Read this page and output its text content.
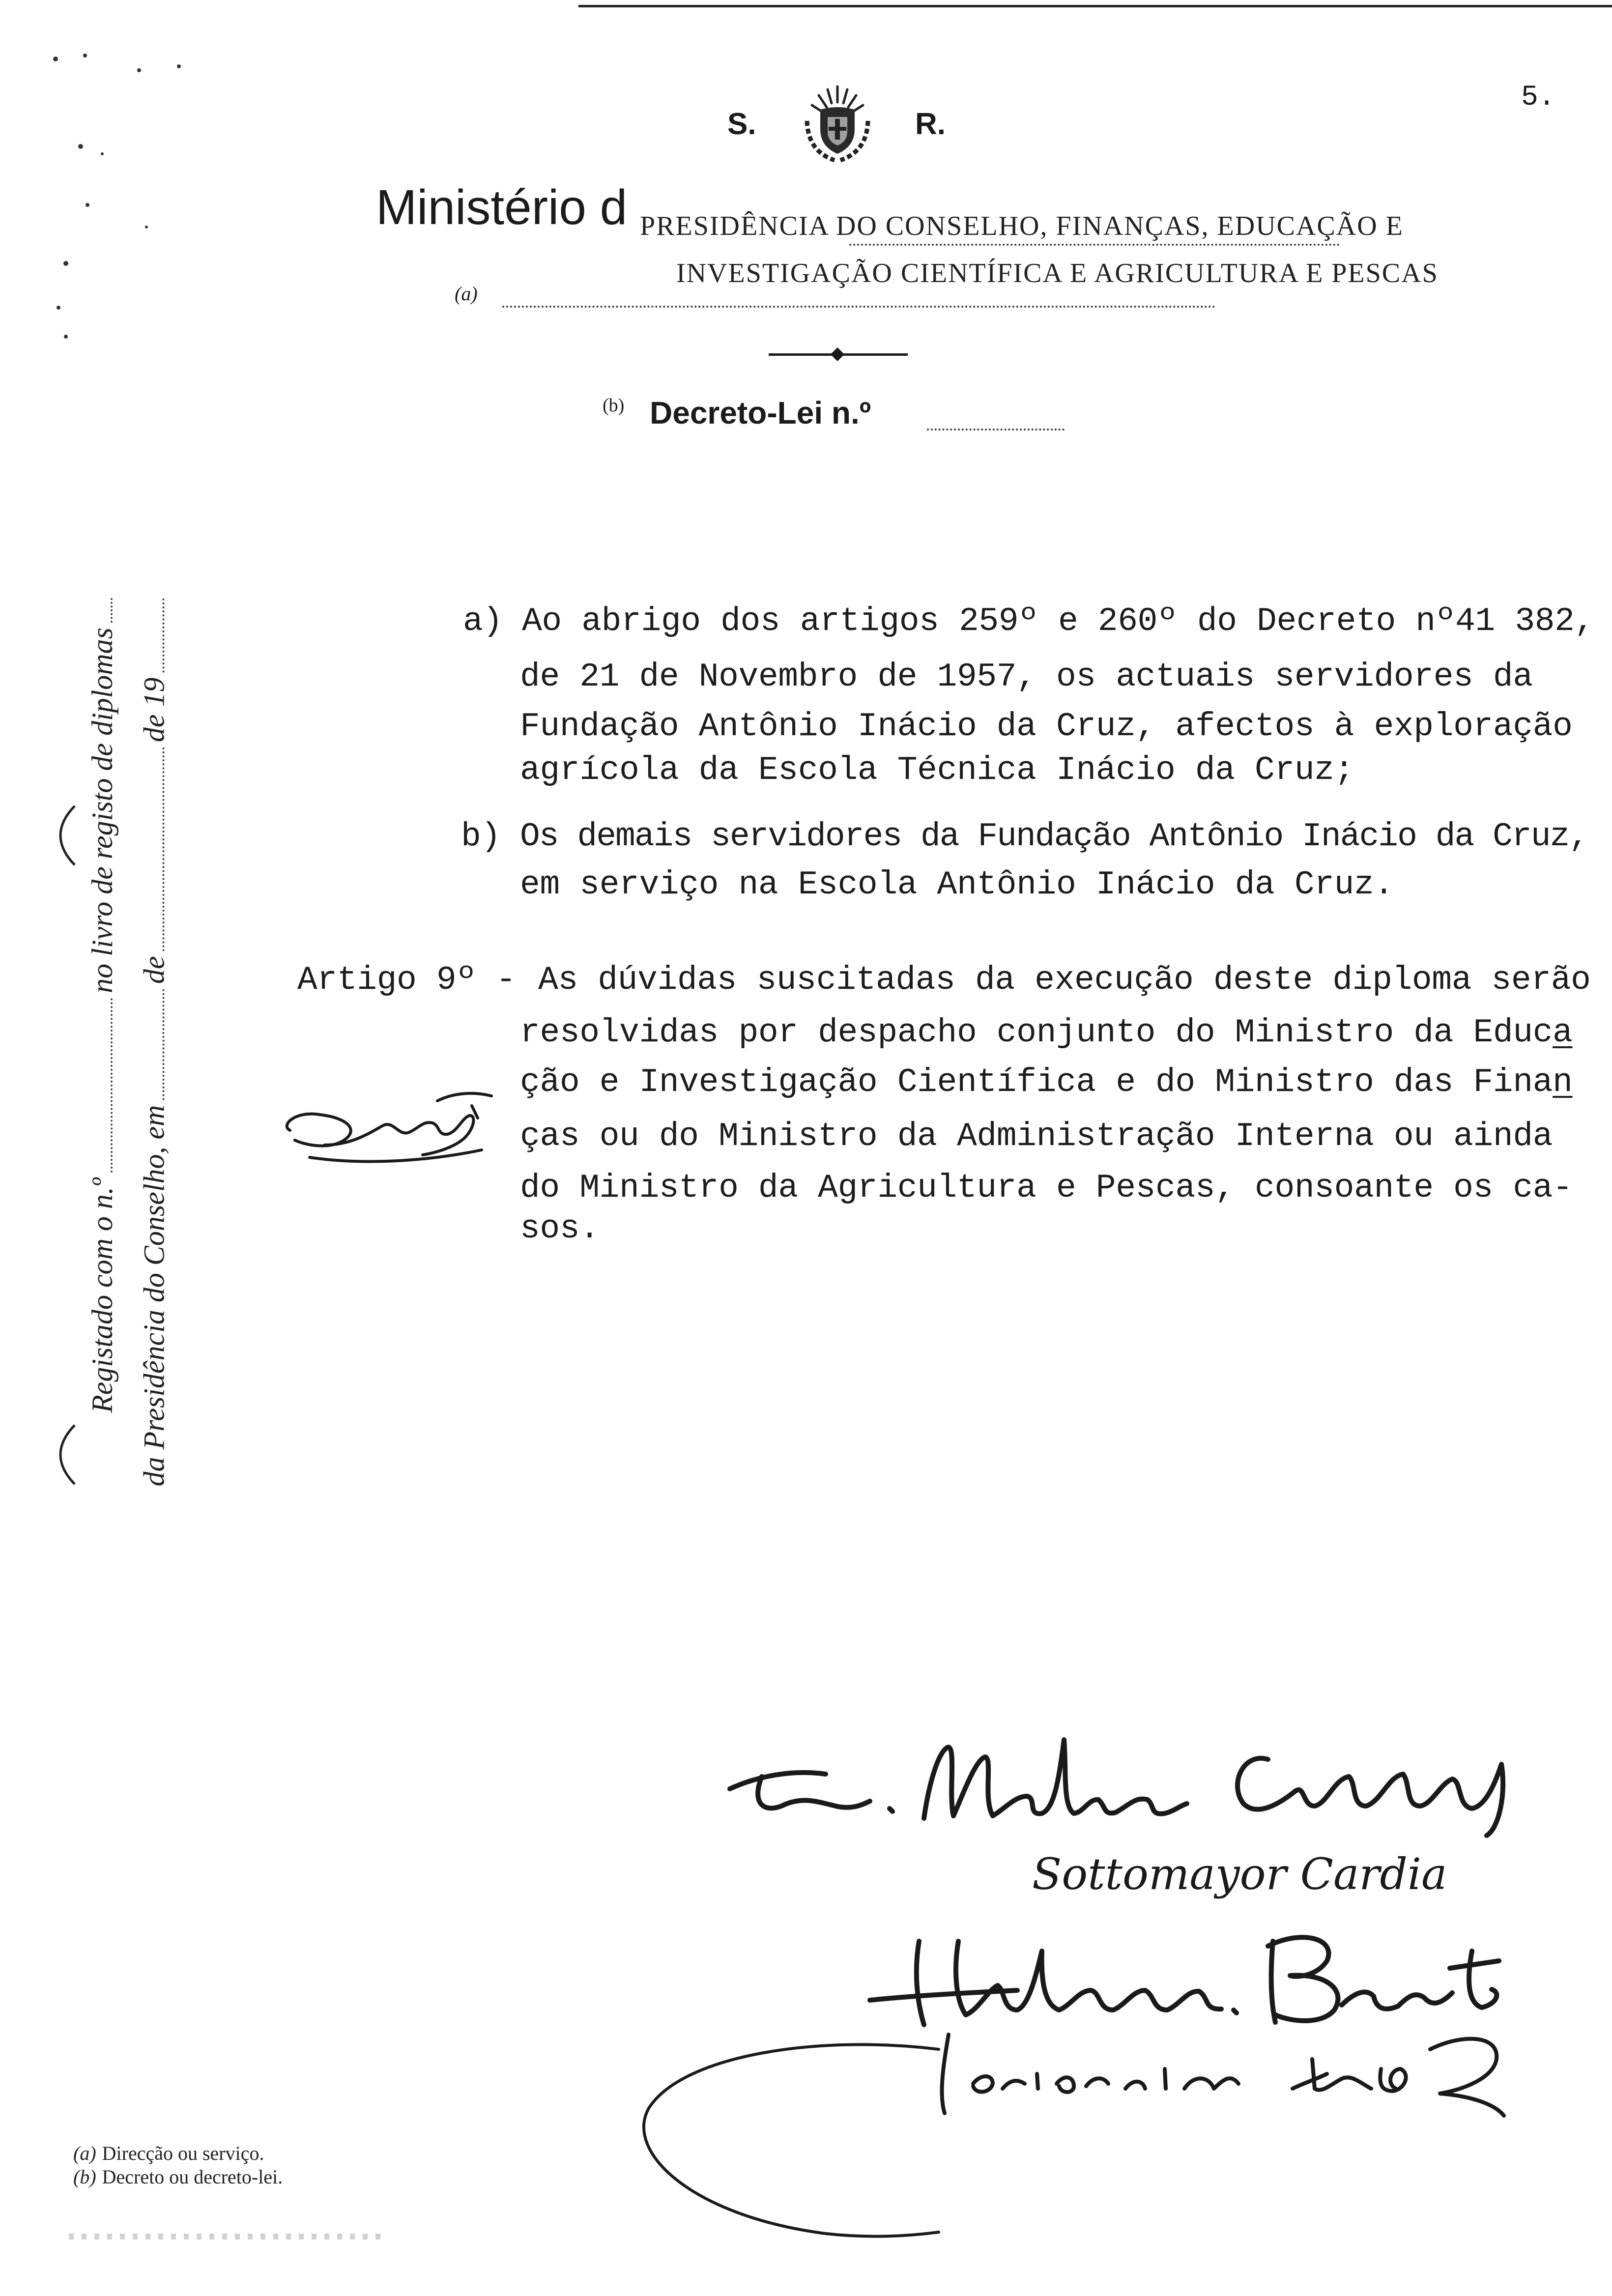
5.
S.	R.
Ministério d PRESIDÊNCIA DO CONSELHO, FINANÇAS, EDUCAÇÃO E
INVESTIGAÇÃO CIENTÍFICA E AGRICULTURA E PESCAS
(a)
(b) Decreto-Lei n.º
Registado com o n.º
no livro de registo de diplomas
da Presidência do Conselho, em
de
de 19
a) Ao abrigo dos artigos 259º e 260º do Decreto nº41 382,
de 21 de Novembro de 1957, os actuais servidores da
Fundação Antônio Inácio da Cruz, afectos à exploração
agrícola da Escola Técnica Inácio da Cruz;
b) Os demais servidores da Fundação Antônio Inácio da Cruz,
em serviço na Escola Antônio Inácio da Cruz.
Artigo 9º - As dúvidas suscitadas da execução deste diploma serão
resolvidas por despacho conjunto do Ministro da Educa
ção e Investigação Científica e do Ministro das Finan
ças ou do Ministro da Administração Interna ou ainda
do Ministro da Agricultura e Pescas, consoante os ca-
sos.
Sottomayor Cardia
(a) Direcção ou serviço.
(b) Decreto ou decreto-lei.
